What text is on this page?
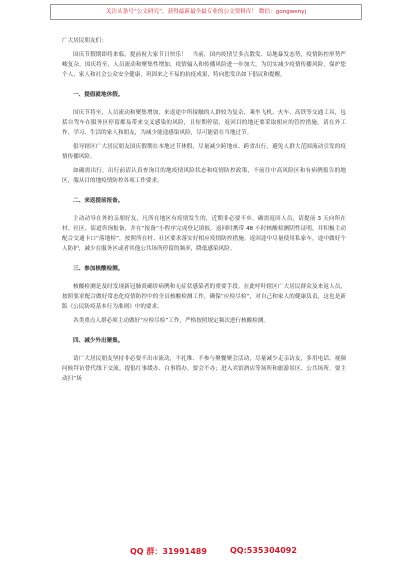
关注头条号“公文研究”，获得最新最全最专业的公文资料库！ 微信：gongwenyj

广大居民朋友们：

国庆节假期即将来临，提前祝大家节日快乐！　当前，国内疫情呈多点散发、局地暴发态势，疫情防控形势严峻复杂。国庆将至，人员流动和聚集性增加，疫情输入和传播风险进一步加大。为切实减少疫情传播风险，保护您个人、家人和社会公众安全健康，巩固来之不易的抗疫成果，特向您发出如下倡议和提醒。

一、提倡就地休假。

国庆节将至，人员流动和聚集增加，来返途中所接触的人群较为复杂，乘坐飞机、火车、高铁等交通工具，包括自驾车在服务区停留都易带来交叉感染的风险，且短期停留，返回目的地还要采取相应的管控措施。请在外工作、学习、生活的家人和朋友，为减少能途感染风险，尽可能留在当地过节。

倡导辖区广大居民朋友国庆假期在本地过节休假，尽量减少跨地市、跨省出行，避免人群大范围流动引发的疫情传播风险。

如确需出行，出行前请认真查询目的地疫情风险状态和疫情防控政策，不前往中高风险区和有病例报告的地区，服从目的地疫情防控各项工作要求。

二、来返提前报备。

主动动导在外的亲朋好友，凡所在地区有疫情发生的，近期非必要不乡。确需返回人员，请提前 3 天向所在村、社区、街道咨询报备，并在“报备”小程序完成登记填报。返回时携带 48 小时核酸检测阴性证明，并积极主动配合交通卡口“落地检”，按照所在村、社区要求落实好相应疫情防控措施。返回途中尽量使用私家车，途中做好个人防护，减少在服务区或者其他公共场所停留的频率，降低感染风险。

三、参加核酸检测。

核酸检测是及时发现新冠肺炎确诊病例和无症状感染者的重要手段。在此呼吁辖区广大居民群众及来返人员，按照要求配合做好常态化疫情防控中的全员核酸检测工作，确保“应检尽检”，对自己和家人的健康负责，这也是新版《公民防疫基本行为准则》中的要求。

各类重点人群必须主动做好“应检尽检”工作，严格按照规定频次进行核酸检测。

四、减少外出聚集。

请广大居民朋友坚持非必要不出市流动，不扎堆、不参与聚餐聚会活动，尽量减少走亲访友，多用电话、视频问候拜访替代线下交流。提倡红事缓办、白事简办，要会不办；进入宾馆酒店等场所和旅游景区、公共场所，要主动扫“场

QQ 群：31991489	QQ:535304092
